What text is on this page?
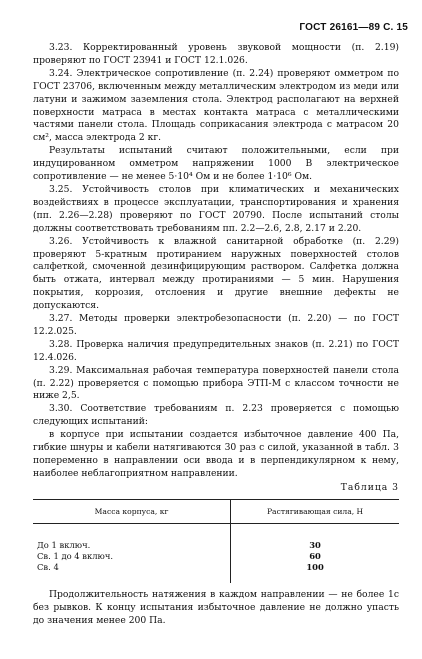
ГОСТ 26161—89 С. 15

3.23. Корректированный уровень звуковой мощности (п. 2.19) проверяют по ГОСТ 23941 и ГОСТ 12.1.026.

3.24. Электрическое сопротивление (п. 2.24) проверяют омметром по ГОСТ 23706, включенным между металлическим электродом из меди или латуни и зажимом заземления стола. Электрод располагают на верхней поверхности матраса в местах контакта матраса с металлическими частями панели стола. Площадь соприкасания электрода с матрасом 20 см², масса электрода 2 кг.

Результаты испытаний считают положительными, если при индуцированном омметром напряжении 1000 В электрическое сопротивление — не менее 5·10⁴ Ом и не более 1·10⁶ Ом.

3.25. Устойчивость столов при климатических и механических воздействиях в процессе эксплуатации, транспортирования и хранения (пп. 2.26—2.28) проверяют по ГОСТ 20790. После испытаний столы должны соответствовать требованиям пп. 2.2—2.6, 2.8, 2.17 и 2.20.

3.26. Устойчивость к влажной санитарной обработке (п. 2.29) проверяют 5-кратным протиранием наружных поверхностей столов салфеткой, смоченной дезинфицирующим раствором. Салфетка должна быть отжата, интервал между протираниями — 5 мин. Нарушения покрытия, коррозия, отслоения и другие внешние дефекты не допускаются.

3.27. Методы проверки электробезопасности (п. 2.20) — по ГОСТ 12.2.025.

3.28. Проверка наличия предупредительных знаков (п. 2.21) по ГОСТ 12.4.026.

3.29. Максимальная рабочая температура поверхностей панели стола (п. 2.22) проверяется с помощью прибора ЭТП-М с классом точности не ниже 2,5.

3.30. Соответствие требованиям п. 2.23 проверяется с помощью следующих испытаний:

в корпусе при испытании создается избыточное давление 400 Па, гибкие шнуры и кабели натягиваются 30 раз с силой, указанной в табл. 3 попеременно в направлении оси ввода и в перпендикулярном к нему, наиболее неблагоприятном направлении.

Таблица 3
Масса корпуса, кг	Растягивающая сила, Н
До 1 включ.	30
Св. 1 до 4 включ.	60
Св. 4	100

Продолжительность натяжения в каждом направлении — не более 1с без рывков. К концу испытания избыточное давление не должно упасть до значения менее 200 Па.
